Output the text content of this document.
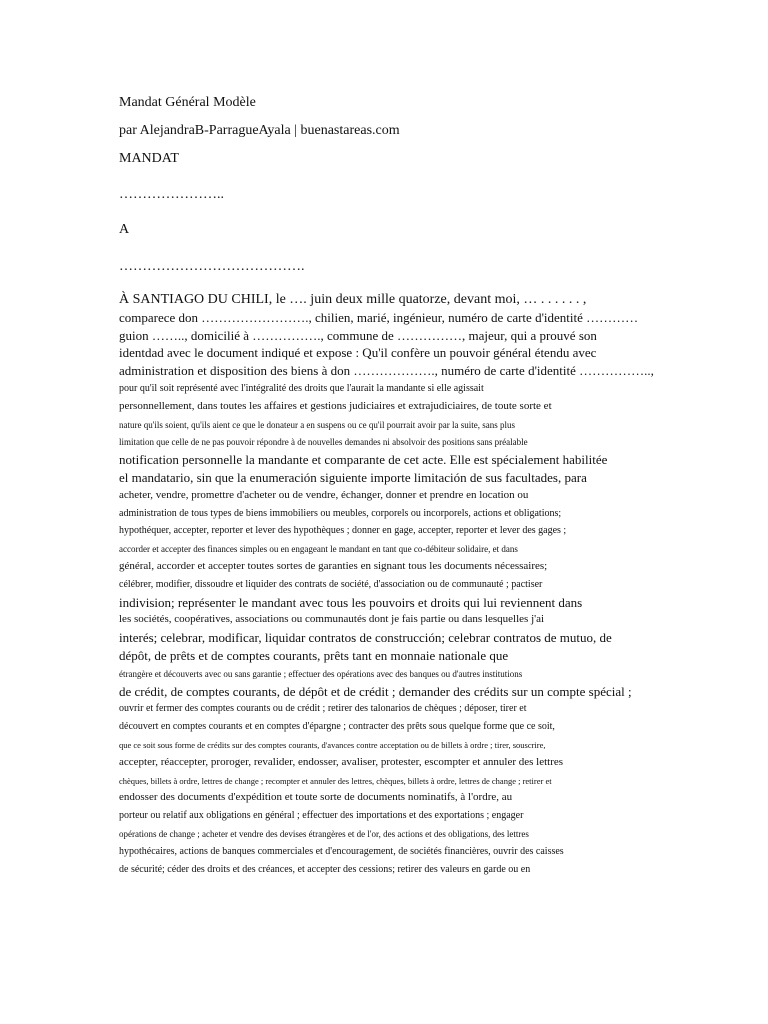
Mandat Général Modèle
par AlejandraB-ParragueAyala | buenastareas.com
MANDAT
…………………..
A
………………………………….
À SANTIAGO DU CHILI, le …. juin deux mille quatorze, devant moi, … . . . . . . ,
comparece don ……………………., chilien, marié, ingénieur, numéro de carte d'identité …………
guion …….., domicilié à ……………., commune de ……………, majeur, qui a prouvé son
identdad avec le document indiqué et expose : Qu'il confère un pouvoir général étendu avec
administration et disposition des biens à don ………………., numéro de carte d'identité ……………..,
pour qu'il soit représenté avec l'intégralité des droits que l'aurait la mandante si elle agissait
personnellement, dans toutes les affaires et gestions judiciaires et extrajudiciaires, de toute sorte et
nature qu'ils soient, qu'ils aient ce que le donateur a en suspens ou ce qu'il pourrait avoir par la suite, sans plus
limitation que celle de ne pas pouvoir répondre à de nouvelles demandes ni absolvoir des positions sans préalable
notification personnelle la mandante et comparante de cet acte. Elle est spécialement habilitée
el mandatario, sin que la enumeración siguiente importe limitación de sus facultades, para
acheter, vendre, promettre d'acheter ou de vendre, échanger, donner et prendre en location ou
administration de tous types de biens immobiliers ou meubles, corporels ou incorporels, actions et obligations;
hypothéquer, accepter, reporter et lever des hypothèques ; donner en gage, accepter, reporter et lever des gages ;
accorder et accepter des finances simples ou en engageant le mandant en tant que co-débiteur solidaire, et dans
général, accorder et accepter toutes sortes de garanties en signant tous les documents nécessaires;
célébrer, modifier, dissoudre et liquider des contrats de société, d'association ou de communauté ; pactiser
indivision; représenter le mandant avec tous les pouvoirs et droits qui lui reviennent dans
les sociétés, coopératives, associations ou communautés dont je fais partie ou dans lesquelles j'ai
interés; celebrar, modificar, liquidar contratos de construcción; celebrar contratos de mutuo, de
dépôt, de prêts et de comptes courants, prêts tant en monnaie nationale que
étrangère et découverts avec ou sans garantie ; effectuer des opérations avec des banques ou d'autres institutions
de crédit, de comptes courants, de dépôt et de crédit ; demander des crédits sur un compte spécial ;
ouvrir et fermer des comptes courants ou de crédit ; retirer des talonarios de chèques ; déposer, tirer et
découvert en comptes courants et en comptes d'épargne ; contracter des prêts sous quelque forme que ce soit,
que ce soit sous forme de crédits sur des comptes courants, d'avances contre acceptation ou de billets à ordre ; tirer, souscrire,
accepter, réaccepter, proroger, revalider, endosser, avaliser, protester, escompter et annuler des lettres
chèques, billets à ordre, lettres de change ; recompter et annuler des lettres, chèques, billets à ordre, lettres de change ; retirer et
endosser des documents d'expédition et toute sorte de documents nominatifs, à l'ordre, au
porteur ou relatif aux obligations en général ; effectuer des importations et des exportations ; engager
opérations de change ; acheter et vendre des devises étrangères et de l'or, des actions et des obligations, des lettres
hypothécaires, actions de banques commerciales et d'encouragement, de sociétés financières, ouvrir des caisses
de sécurité; céder des droits et des créances, et accepter des cessions; retirer des valeurs en garde ou en
